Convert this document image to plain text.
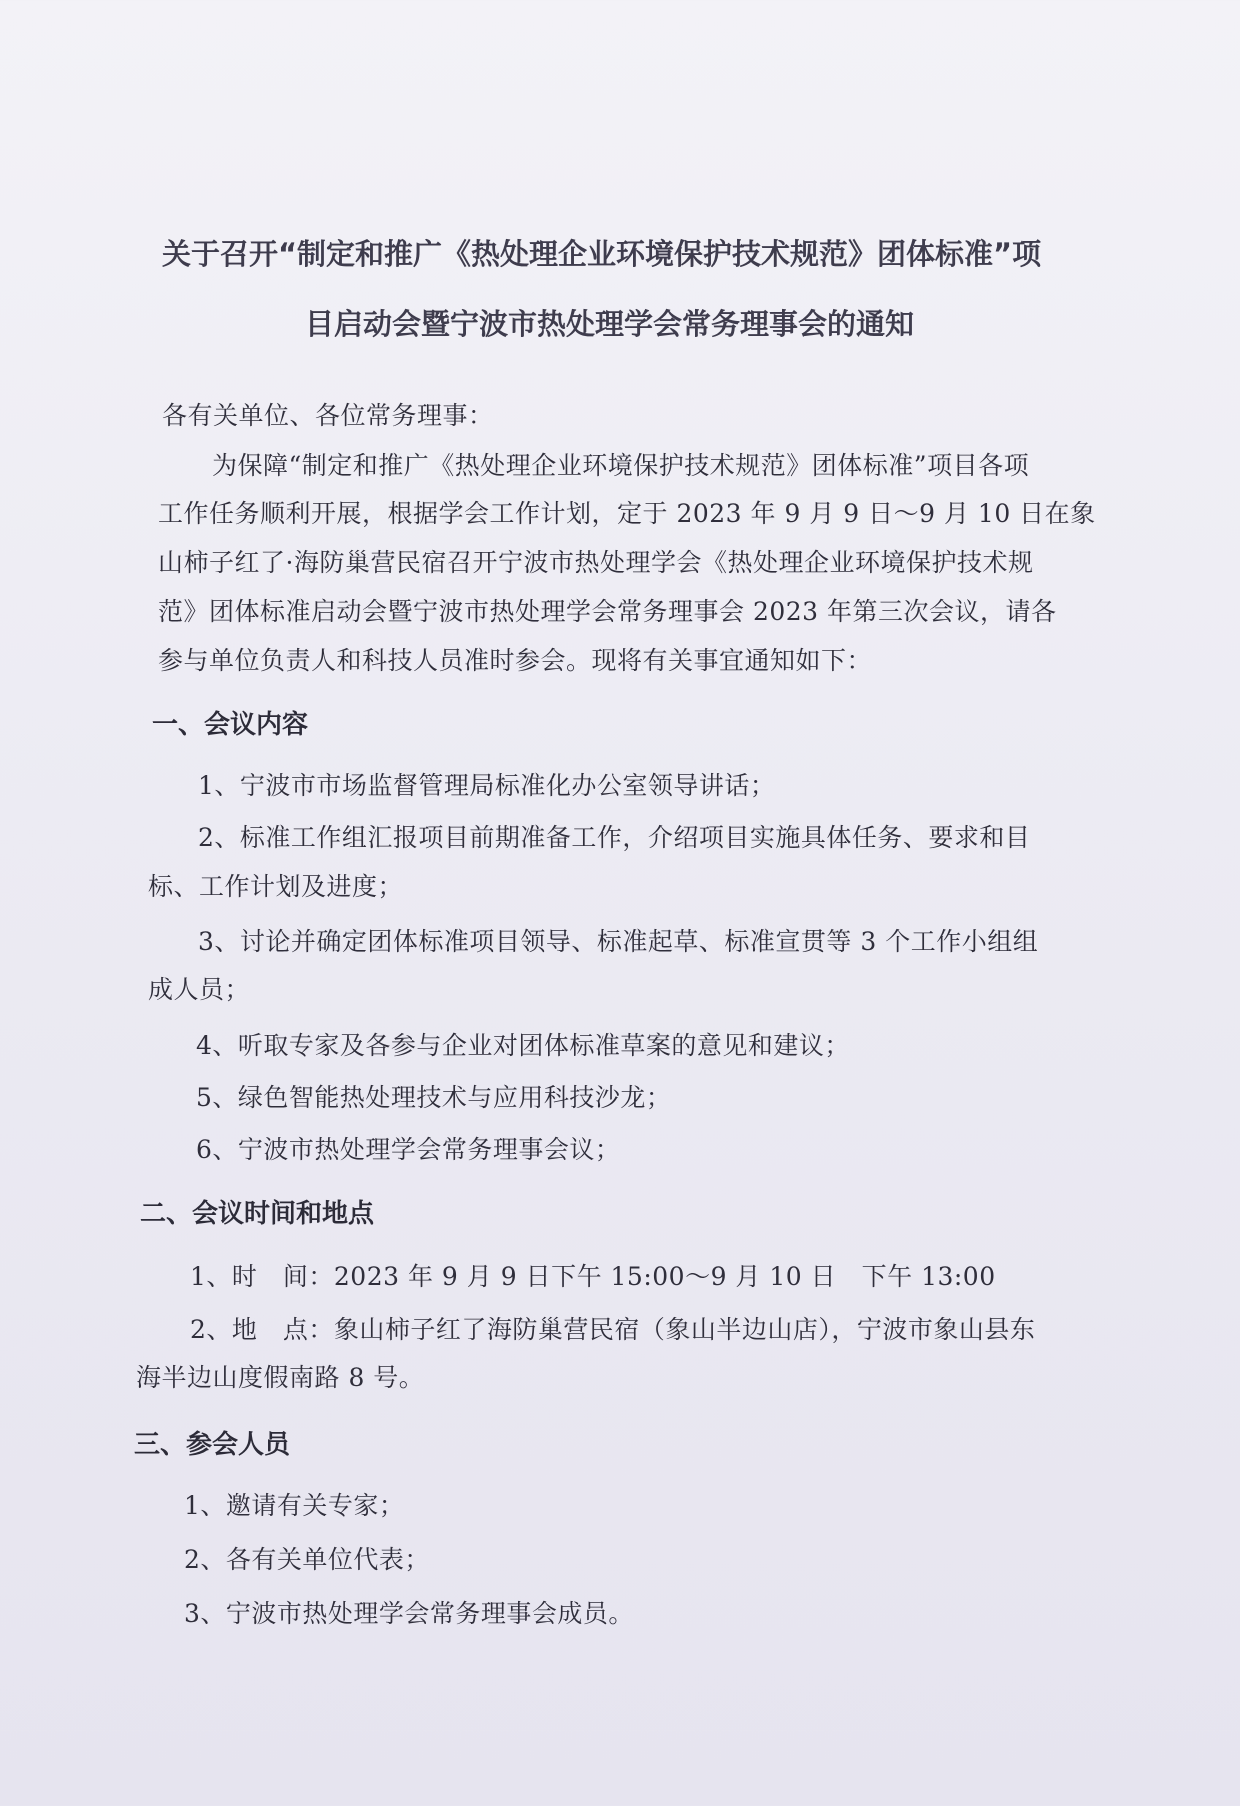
关于召开“制定和推广《热处理企业环境保护技术规范》团体标准”项
目启动会暨宁波市热处理学会常务理事会的通知
各有关单位、各位常务理事：
为保障“制定和推广《热处理企业环境保护技术规范》团体标准”项目各项
工作任务顺利开展，根据学会工作计划，定于 2023 年 9 月 9 日～9 月 10 日在象
山柿子红了·海防巢营民宿召开宁波市热处理学会《热处理企业环境保护技术规
范》团体标准启动会暨宁波市热处理学会常务理事会 2023 年第三次会议，请各
参与单位负责人和科技人员准时参会。现将有关事宜通知如下：
一、会议内容
1、宁波市市场监督管理局标准化办公室领导讲话；
2、标准工作组汇报项目前期准备工作，介绍项目实施具体任务、要求和目
标、工作计划及进度；
3、讨论并确定团体标准项目领导、标准起草、标准宣贯等 3 个工作小组组
成人员；
4、听取专家及各参与企业对团体标准草案的意见和建议；
5、绿色智能热处理技术与应用科技沙龙；
6、宁波市热处理学会常务理事会议；
二、会议时间和地点
1、时　间：2023 年 9 月 9 日下午 15:00～9 月 10 日　下午 13:00
2、地　点：象山柿子红了海防巢营民宿（象山半边山店），宁波市象山县东
海半边山度假南路 8 号。
三、参会人员
1、邀请有关专家；
2、各有关单位代表；
3、宁波市热处理学会常务理事会成员。
